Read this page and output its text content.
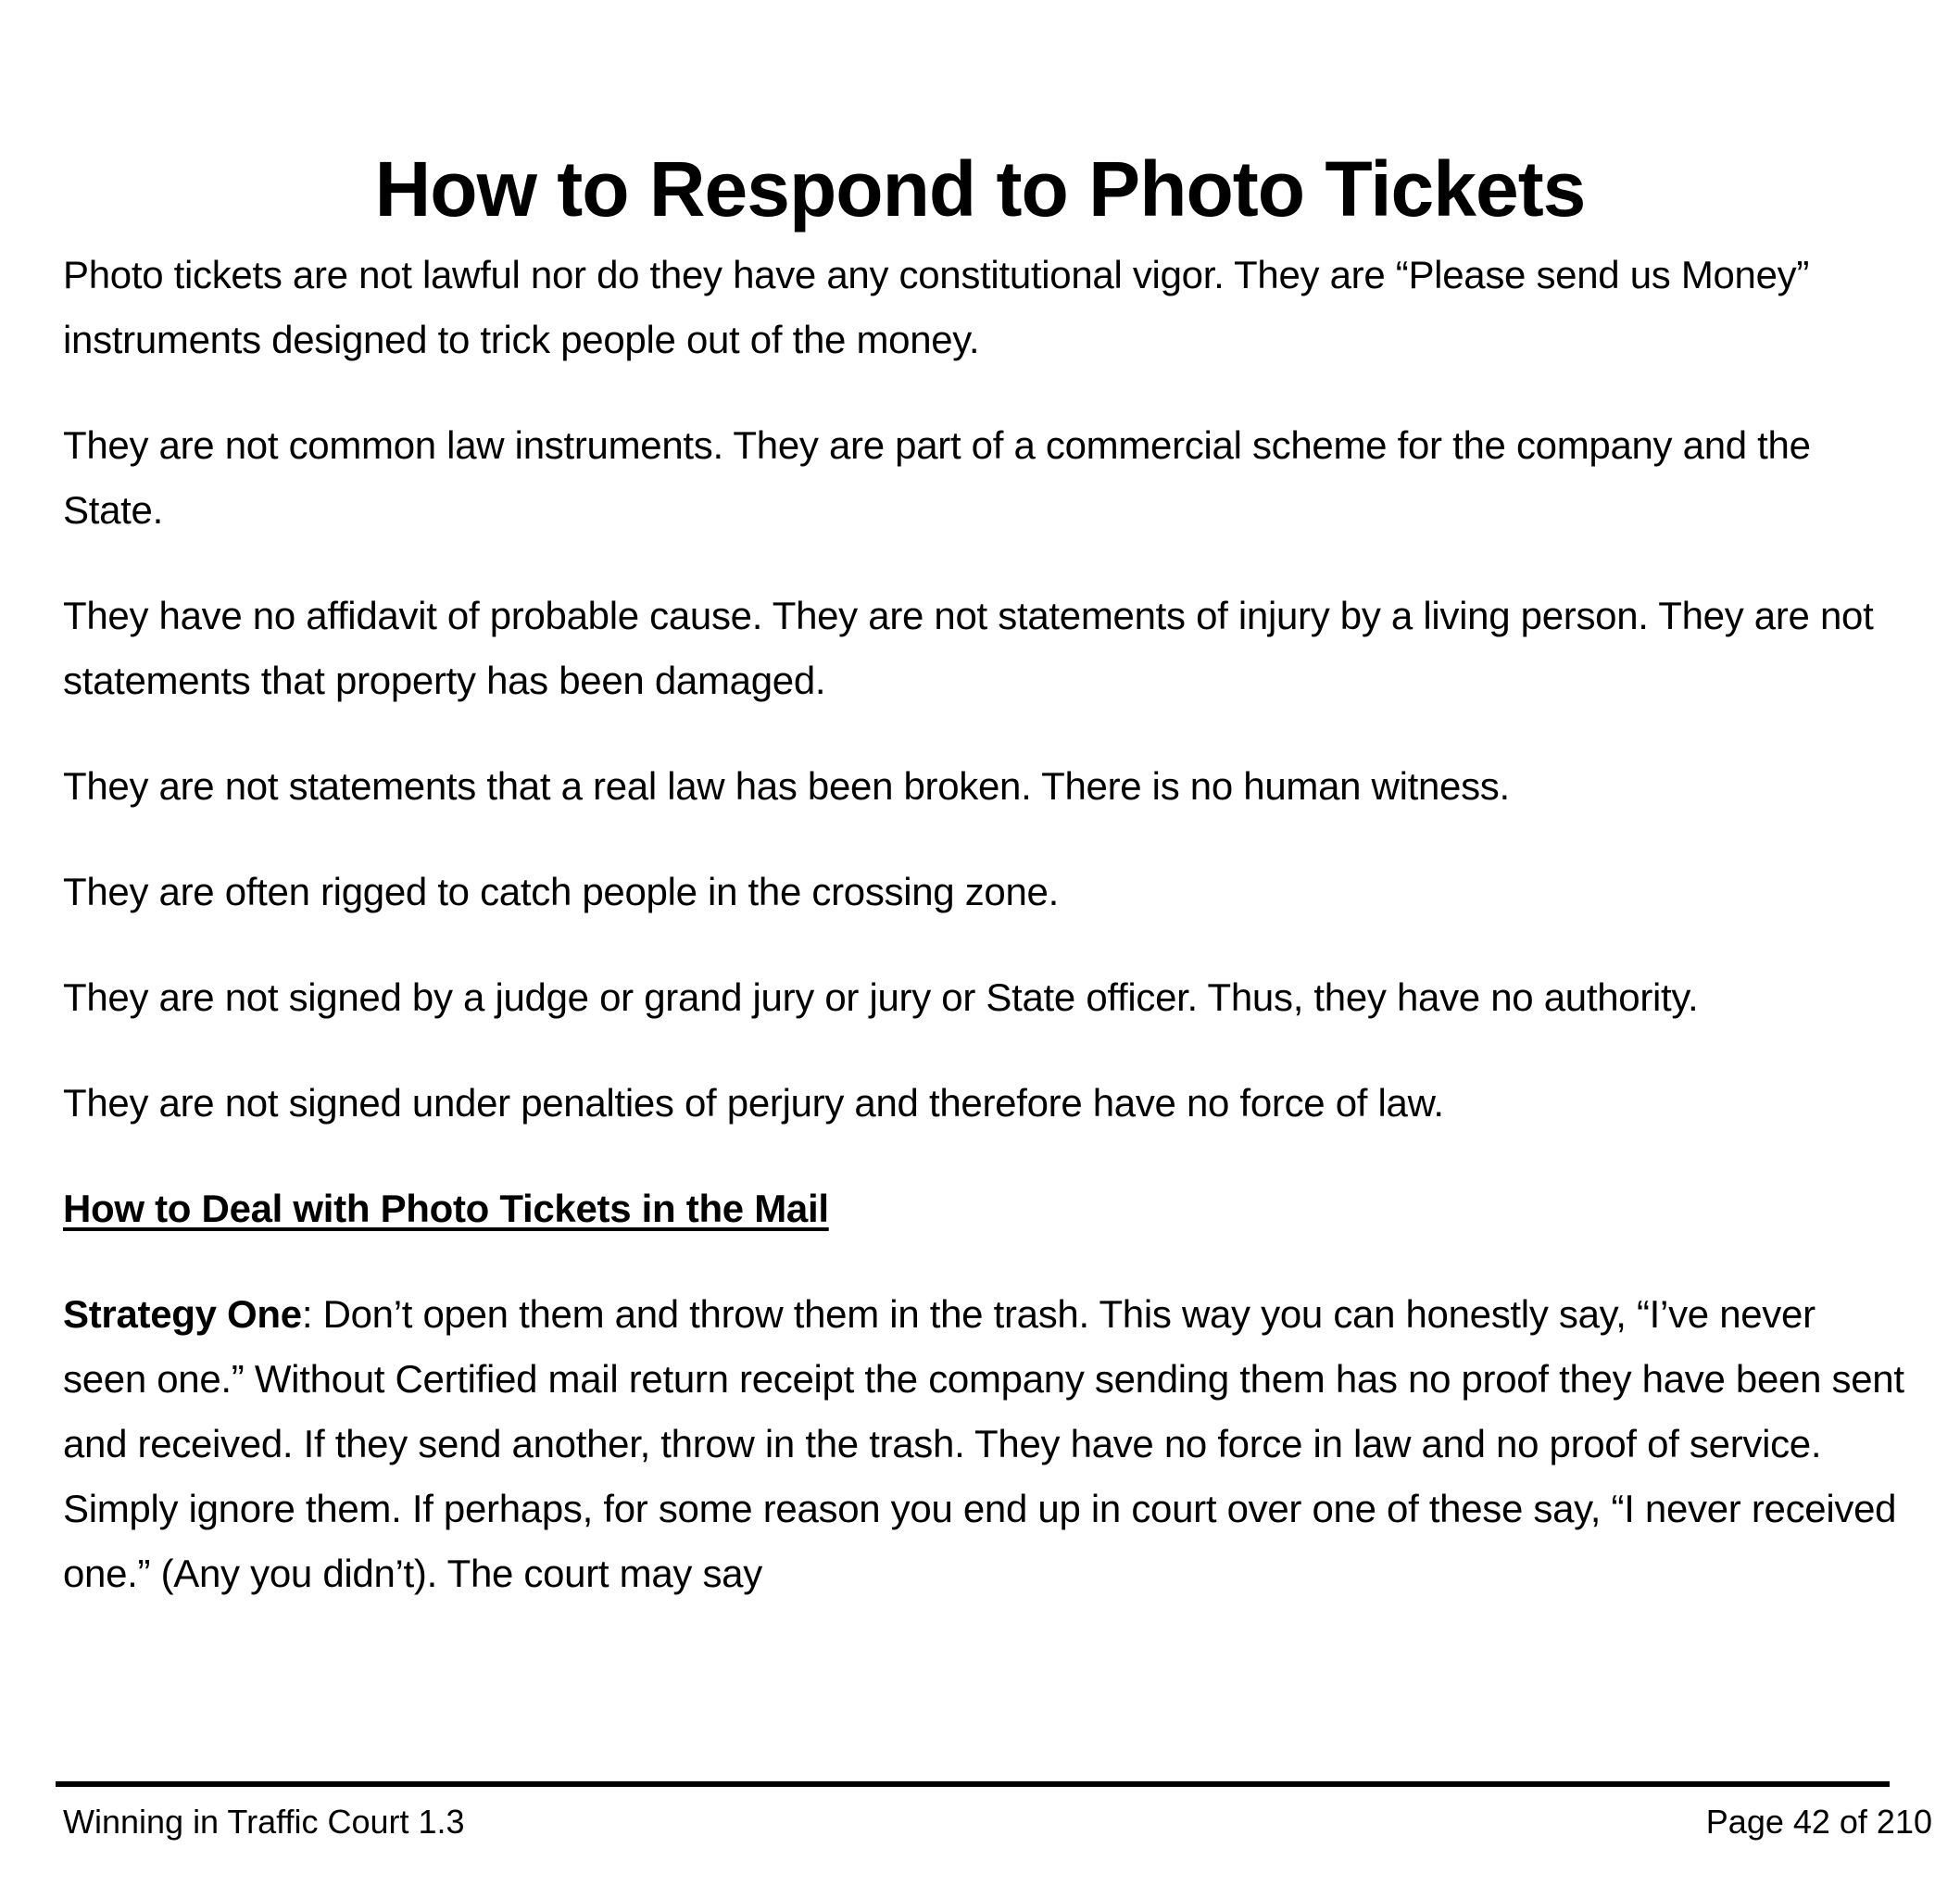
How to Respond to Photo Tickets

Photo tickets are not lawful nor do they have any constitutional vigor. They are “Please send us Money” instruments designed to trick people out of the money.

They are not common law instruments. They are part of a commercial scheme for the company and the State.

They have no affidavit of probable cause. They are not statements of injury by a living person. They are not statements that property has been damaged.

They are not statements that a real law has been broken. There is no human witness.

They are often rigged to catch people in the crossing zone.

They are not signed by a judge or grand jury or jury or State officer. Thus, they have no authority.

They are not signed under penalties of perjury and therefore have no force of law.

How to Deal with Photo Tickets in the Mail

Strategy One: Don’t open them and throw them in the trash. This way you can honestly say, “I’ve never seen one.” Without Certified mail return receipt the company sending them has no proof they have been sent and received. If they send another, throw in the trash. They have no force in law and no proof of service. Simply ignore them. If perhaps, for some reason you end up in court over one of these say, “I never received one.” (Any you didn’t). The court may say

Winning in Traffic Court 1.3	Page 42 of 210
